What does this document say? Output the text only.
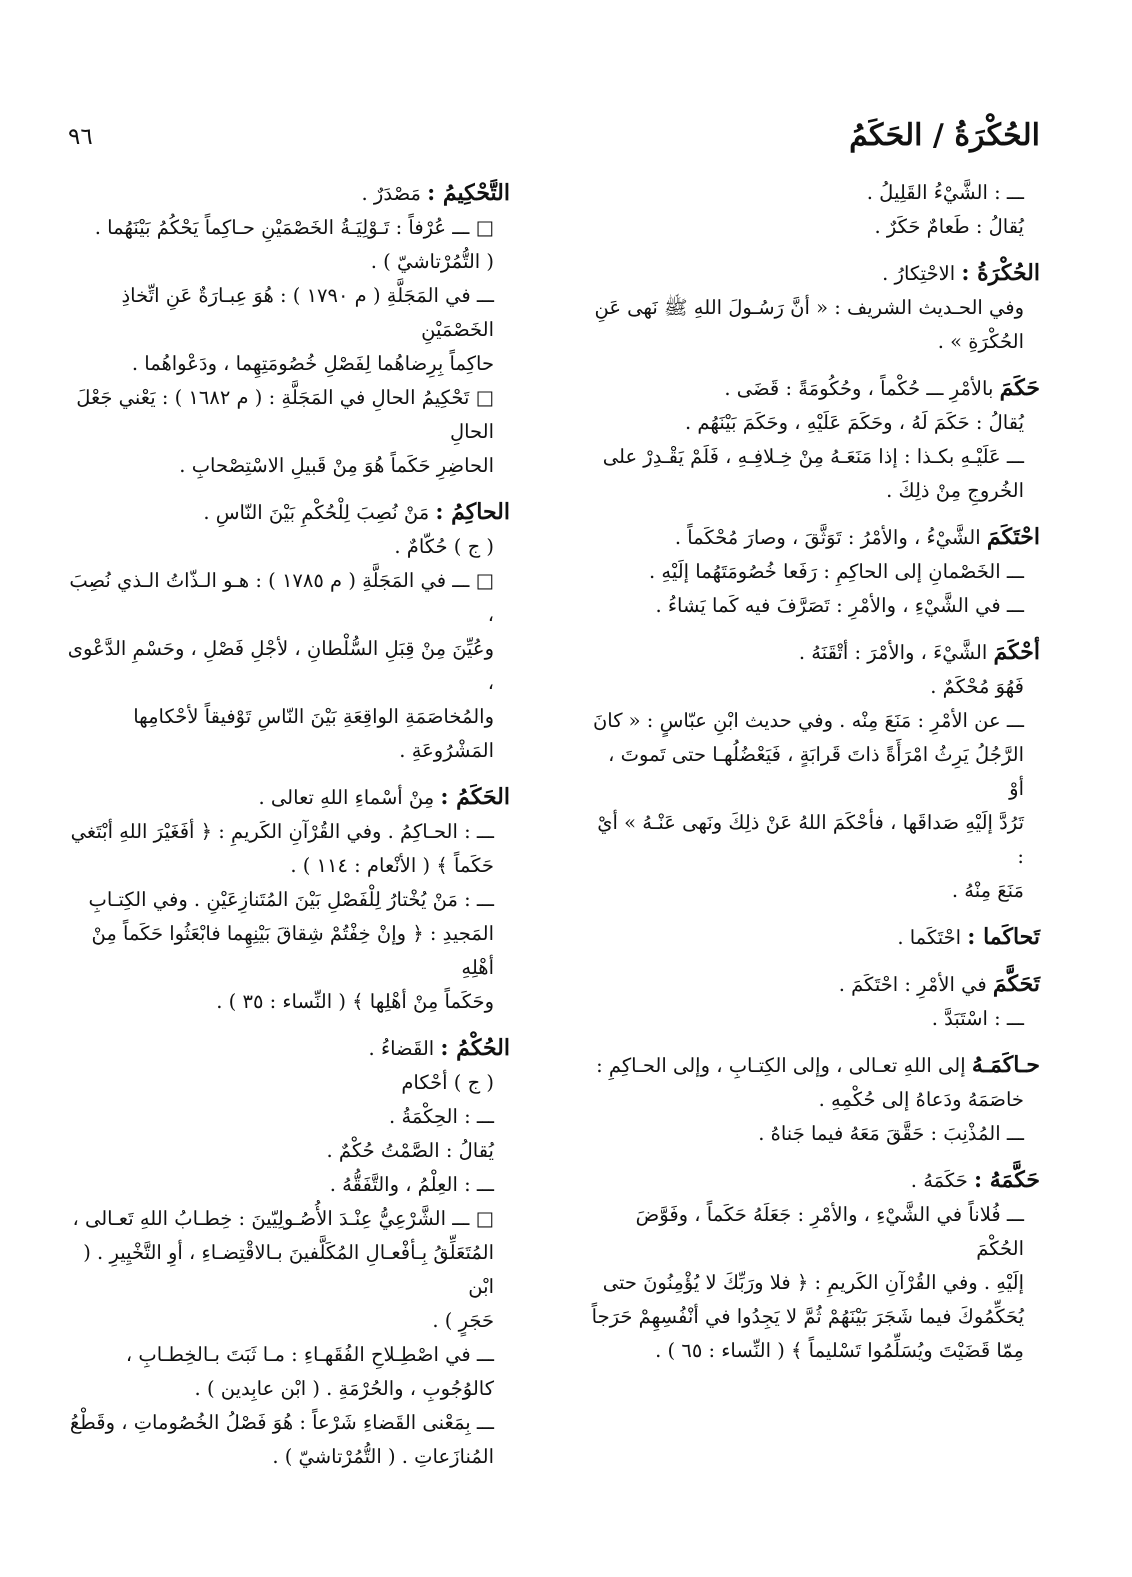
الحُكْرَةُ / الحَكَمُ
٩٦
ـــ : الشَّيْءُ القَلِيلُ .
يُقالُ : طَعامٌ حَكَرٌ .
الحُكْرَةُ : الاحْتِكارُ .
وفي الحـديث الشريف : « أنَّ رَسُـولَ اللهِ ﷺ نَهى عَنِ
الحُكْرَةِ » .
حَكَمَ بالأمْرِ ـــ حُكْماً ، وحُكُومَةً : قَضَى .
يُقالُ : حَكَمَ لَهُ ، وحَكَمَ عَلَيْهِ ، وحَكَمَ بَيْنَهُم .
ـــ عَلَيْـهِ بكـذا : إذا مَنَعَـهُ مِنْ خِـلافِـهِ ، فَلَمْ يَقْـدِرْ على
الخُروجِ مِنْ ذلِكَ .
احْتَكَمَ الشَّيْءُ ، والأمْرُ : تَوَثَّقَ ، وصارَ مُحْكَماً .
ـــ الخَصْمانِ إلى الحاكِمِ : رَفَعا خُصُومَتَهُما إلَيْهِ .
ـــ في الشَّيْءِ ، والأمْرِ : تَصَرَّفَ فيه كَما يَشاءُ .
أحْكَمَ الشَّيْءَ ، والأمْرَ : أتْقَنَهُ .
فَهُوَ مُحْكَمٌ .
ـــ عن الأمْرِ : مَنَعَ مِنْه . وفي حديث ابْنِ عبّاسٍ : « كانَ
الرَّجُلُ يَرِثُ امْرَأَةً ذاتَ قَرابَةٍ ، فَيَعْضُلُهـا حتى تَموتَ ، أوْ
تَرُدَّ إلَيْهِ صَداقَها ، فأحْكَمَ اللهُ عَنْ ذلِكَ ونَهى عَنْـهُ » أيْ :
مَنَعَ مِنْهُ .
تَحاكَما : احْتَكَما .
تَحَكَّمَ في الأمْرِ : احْتَكَمَ .
ـــ : اسْتَبَدَّ .
حـاكَمَـهُ إلى اللهِ تعـالى ، وإلى الكِتـابِ ، وإلى الحـاكِمِ :
خاصَمَهُ ودَعاهُ إلى حُكْمِهِ .
ـــ المُذْنِبَ : حَقَّقَ مَعَهُ فيما جَناهُ .
حَكَّمَهُ : حَكَمَهُ .
ـــ فُلاناً في الشَّيْءِ ، والأمْرِ : جَعَلَهُ حَكَماً ، وفَوَّضَ الحُكْمَ
إلَيْهِ . وفي القُرْآنِ الكَريمِ : ﴿ فلا ورَبِّكَ لا يُؤْمِنُونَ حتى
يُحَكِّمُوكَ فيما شَجَرَ بَيْنَهُمْ ثُمَّ لا يَجِدُوا في أنْفُسِهِمْ حَرَجاً
مِمّا قَضَيْتَ ويُسَلِّمُوا تَسْليماً ﴾ ( النِّساء : ٦٥ ) .
التَّحْكِيمُ : مَصْدَرٌ .
□ ـــ عُرْفاً : تَـوْلِيَـةُ الخَصْمَيْنِ حـاكِماً يَحْكُمُ بَيْنَهُما .
( التُّمُرْتاشيّ ) .
ـــ في المَجَلَّةِ ( م ١٧٩٠ ) : هُوَ عِبـارَةٌ عَنِ اتِّخاذِ الخَصْمَيْنِ
حاكِماً بِرِضاهُما لِفَصْلِ خُصُومَتِهِما ، ودَعْواهُما .
□ تَحْكِيمُ الحالِ في المَجَلَّةِ : ( م ١٦٨٢ ) : يَعْني جَعْلَ الحالِ
الحاضِرِ حَكَماً هُوَ مِنْ قَبيلِ الاسْتِصْحابِ .
الحاكِمُ : مَنْ نُصِبَ لِلْحُكْمِ بَيْنَ النّاسِ .
( ج ) حُكّامٌ .
□ ـــ في المَجَلَّةِ ( م ١٧٨٥ ) : هـو الـذّاتُ الـذي نُصِبَ ،
وعُيِّنَ مِنْ قِبَلِ السُّلْطانِ ، لأجْلِ فَصْلِ ، وحَسْمِ الدَّعْوى ،
والمُخاصَمَةِ الواقِعَةِ بَيْنَ النّاسِ تَوْفيقاً لأحْكامِها المَشْرُوعَةِ .
الحَكَمُ : مِنْ أسْماءِ اللهِ تعالى .
ـــ : الحـاكِمُ . وفي القُرْآنِ الكَريمِ : ﴿ أفَغَيْرَ اللهِ أبْتَغي
حَكَماً ﴾ ( الأنْعام : ١١٤ ) .
ـــ : مَنْ يُخْتارُ لِلْفَصْلِ بَيْنَ المُتَنازِعَيْنِ . وفي الكِتـابِ
المَجيدِ : ﴿ وإنْ خِفْتُمْ شِقاقَ بَيْنِهِما فابْعَثُوا حَكَماً مِنْ أهْلِهِ
وحَكَماً مِنْ أهْلِها ﴾ ( النِّساء : ٣٥ ) .
الحُكْمُ : القَضاءُ .
( ج ) أحْكام
ـــ : الحِكْمَةُ .
يُقالُ : الصَّمْتُ حُكْمٌ .
ـــ : العِلْمُ ، والتَّفَقُّهُ .
□ ـــ الشَّرْعِيُّ عِنْـدَ الأُصُـولِيّينَ : خِطـابُ اللهِ تَعـالى ،
المُتَعَلِّقُ بِـأفْعـالِ المُكَلَّفينَ بـالاقْتِضـاءِ ، أوِ التَّخْيِيرِ . ( ابْن
حَجَرٍ ) .
ـــ في اصْطِـلاحِ الفُقَهـاءِ : مـا ثَبَتَ بـالخِطـابِ ،
كالوُجُوبِ ، والحُرْمَةِ . ( ابْن عابِدين ) .
ـــ بِمَعْنى القَضاءِ شَرْعاً : هُوَ فَصْلُ الخُصُوماتِ ، وقَطْعُ
المُنازَعاتِ . ( التُّمُرْتاشيّ ) .
